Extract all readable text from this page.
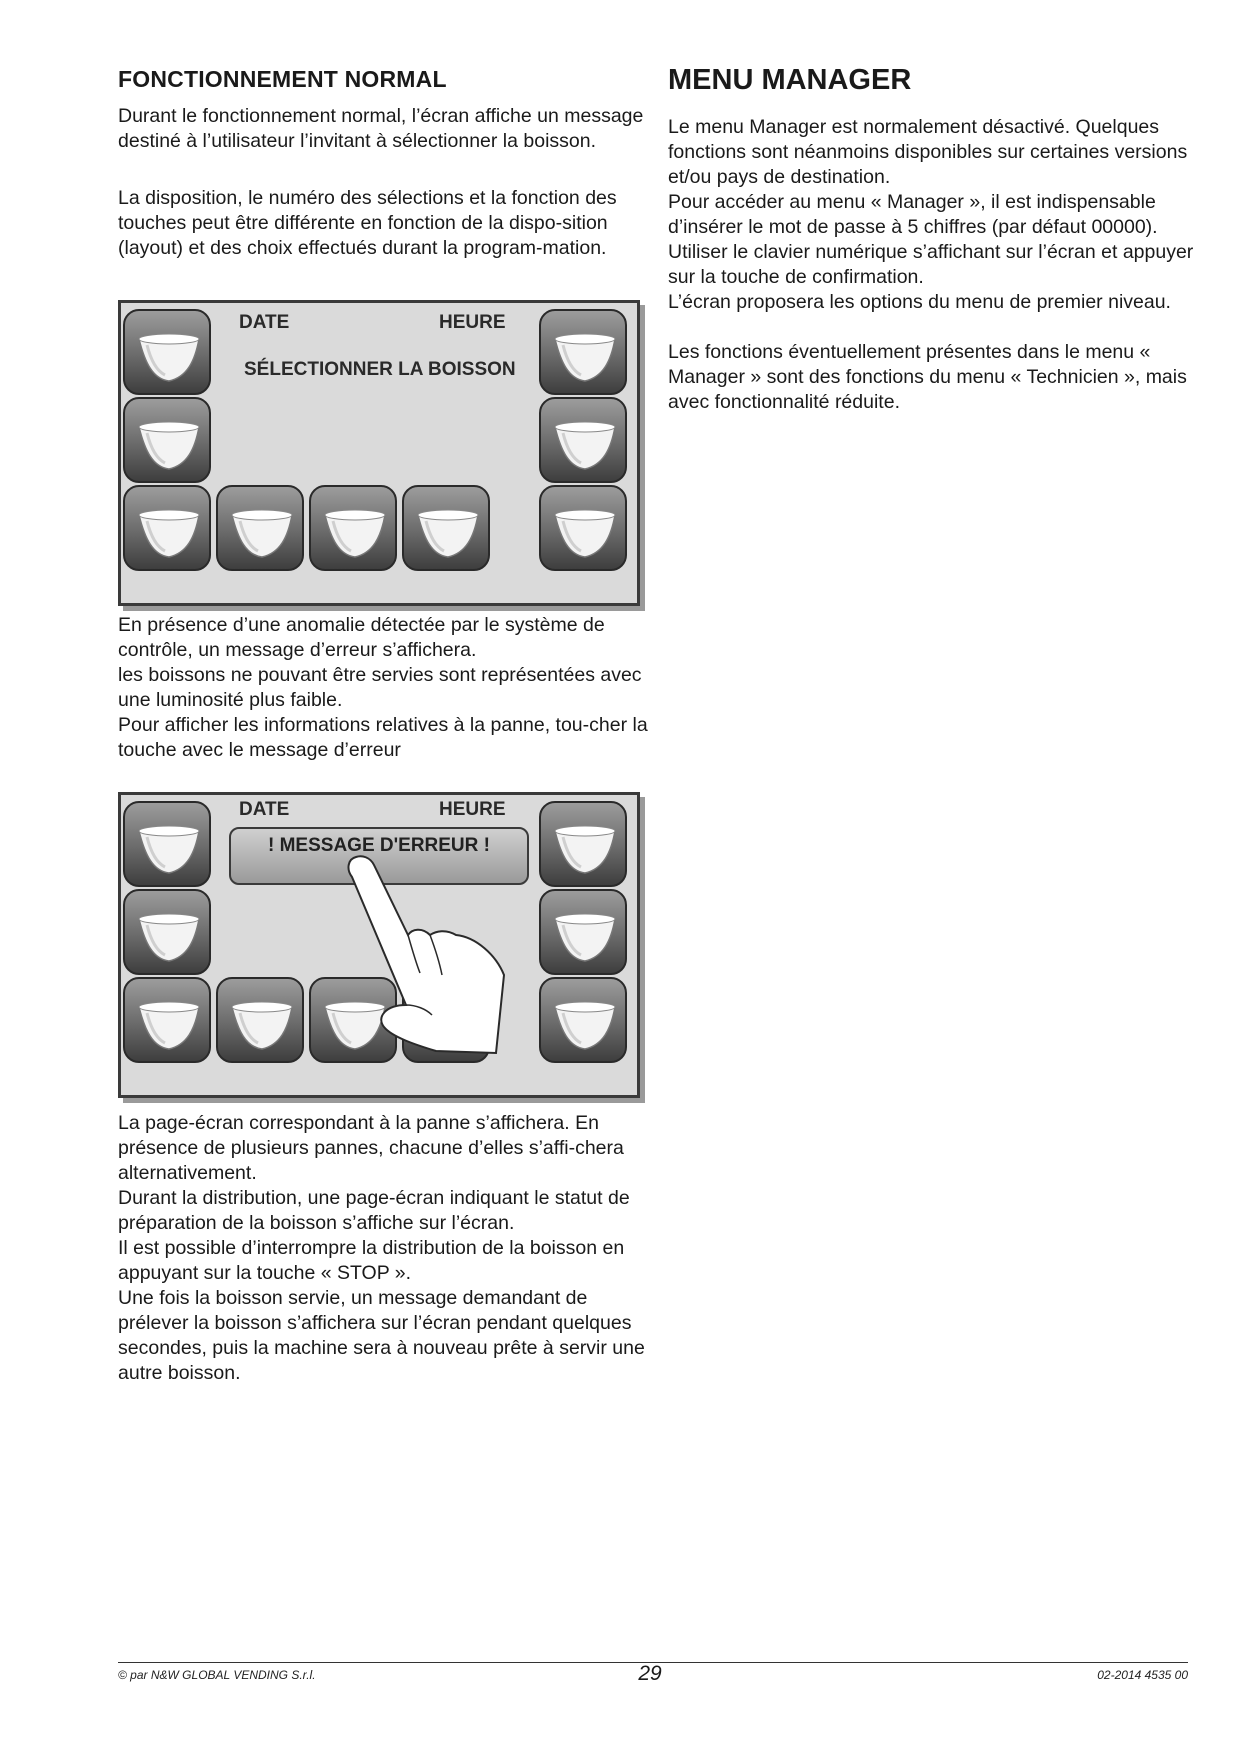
FONCTIONNEMENT NORMAL

Durant le fonctionnement normal, l’écran affiche un message destiné à l’utilisateur l’invitant à sélectionner la boisson.

La disposition, le numéro des sélections et la fonction des touches peut être différente en fonction de la dispo-sition (layout) et des choix effectués durant la program-mation.

DATE	HEURE
SÉLECTIONNER LA BOISSON

En présence d’une anomalie détectée par le système de contrôle, un message d’erreur s’affichera.

les boissons ne pouvant être servies sont représentées avec une luminosité plus faible.

Pour afficher les informations relatives à la panne, tou-cher la touche avec le message d’erreur

DATE	HEURE
! MESSAGE D'ERREUR !

La page-écran correspondant à la panne s’affichera. En présence de plusieurs pannes, chacune d’elles s’affi-chera alternativement.

Durant la distribution, une page-écran indiquant le statut de préparation de la boisson s’affiche sur l’écran.

Il est possible d’interrompre la distribution de la boisson en appuyant sur la touche « STOP ».

Une fois la boisson servie, un message demandant de prélever la boisson s’affichera sur l’écran pendant quelques secondes, puis la machine sera à nouveau prête à servir une autre boisson.

MENU MANAGER

Le menu Manager est normalement désactivé. Quelques fonctions sont néanmoins disponibles sur certaines versions et/ou pays de destination.

Pour accéder au menu « Manager », il est indispensable d’insérer le mot de passe à 5 chiffres (par défaut 00000).

Utiliser le clavier numérique s’affichant sur l’écran et appuyer sur la touche de confirmation.

L’écran proposera les options du menu de premier niveau.

Les fonctions éventuellement présentes dans le menu « Manager » sont des fonctions du menu « Technicien », mais avec fonctionnalité réduite.

© par N&W GLOBAL VENDING S.r.l.	29	02-2014 4535 00
